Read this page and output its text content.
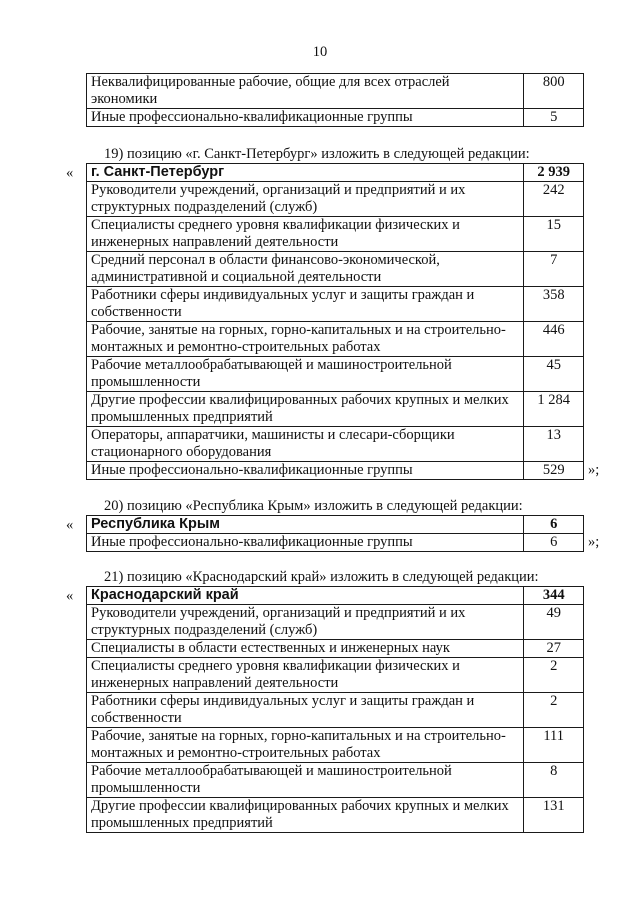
10
Неквалифицированные рабочие, общие для всех отраслей экономики	800
Иные профессионально-квалификационные группы	5
19) позицию «г. Санкт-Петербург» изложить в следующей редакции:
« г. Санкт-Петербург	2 939
Руководители учреждений, организаций и предприятий и их структурных подразделений (служб)	242
Специалисты среднего уровня квалификации физических и инженерных направлений деятельности	15
Средний персонал в области финансово-экономической, административной и социальной деятельности	7
Работники сферы индивидуальных услуг и защиты граждан и собственности	358
Рабочие, занятые на горных, горно-капитальных и на строительно-монтажных и ремонтно-строительных работах	446
Рабочие металлообрабатывающей и машиностроительной промышленности	45
Другие профессии квалифицированных рабочих крупных и мелких промышленных предприятий	1 284
Операторы, аппаратчики, машинисты и слесари-сборщики стационарного оборудования	13
Иные профессионально-квалификационные группы	529 »;
20) позицию «Республика Крым» изложить в следующей редакции:
« Республика Крым	6
Иные профессионально-квалификационные группы	6 »;
21) позицию «Краснодарский край» изложить в следующей редакции:
« Краснодарский край	344
Руководители учреждений, организаций и предприятий и их структурных подразделений (служб)	49
Специалисты в области естественных и инженерных наук	27
Специалисты среднего уровня квалификации физических и инженерных направлений деятельности	2
Работники сферы индивидуальных услуг и защиты граждан и собственности	2
Рабочие, занятые на горных, горно-капитальных и на строительно-монтажных и ремонтно-строительных работах	111
Рабочие металлообрабатывающей и машиностроительной промышленности	8
Другие профессии квалифицированных рабочих крупных и мелких промышленных предприятий	131
